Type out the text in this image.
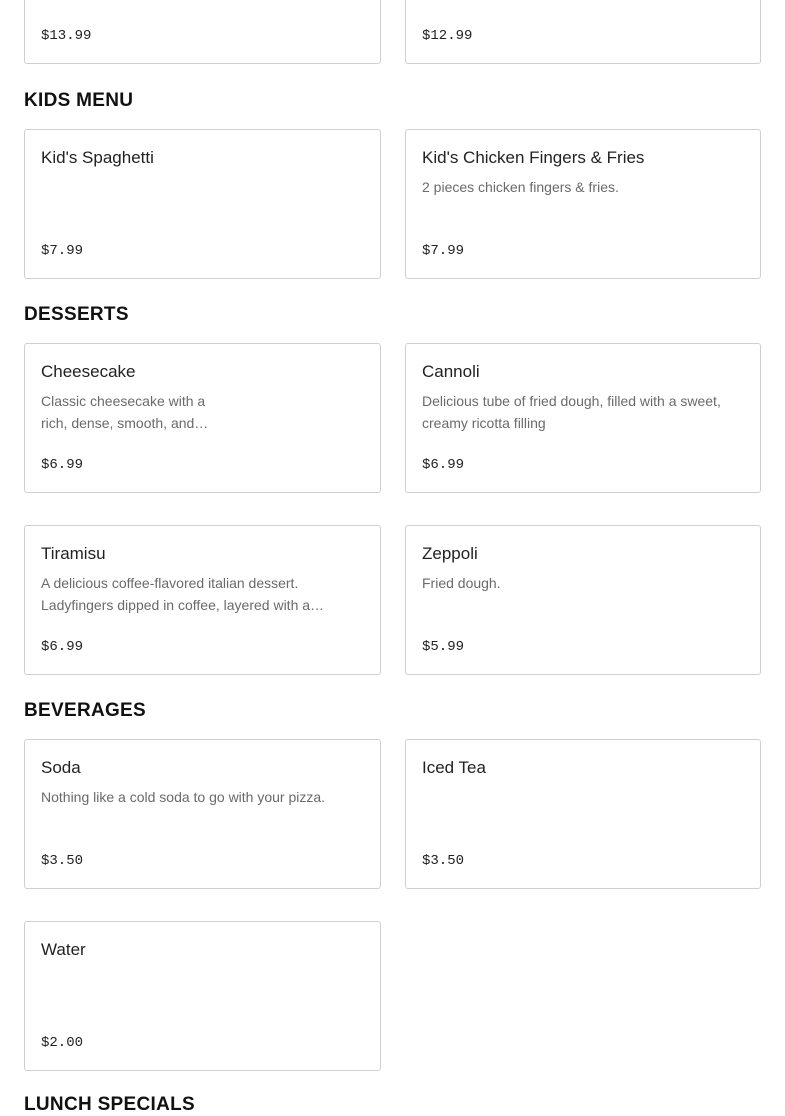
$13.99	$12.99

KIDS MENU

Kid's Spaghetti

$7.99

Kid's Chicken Fingers & Fries

2 pieces chicken fingers & fries.

$7.99

DESSERTS

Cheesecake

Classic cheesecake with a rich, dense, smooth, and…

$6.99

Cannoli

Delicious tube of fried dough, filled with a sweet, creamy ricotta filling

$6.99

Tiramisu

A delicious coffee-flavored italian dessert. Ladyfingers dipped in coffee, layered with a…

$6.99

Zeppoli

Fried dough.

$5.99

BEVERAGES

Soda

Nothing like a cold soda to go with your pizza.

$3.50

Iced Tea

$3.50

Water

$2.00

LUNCH SPECIALS
